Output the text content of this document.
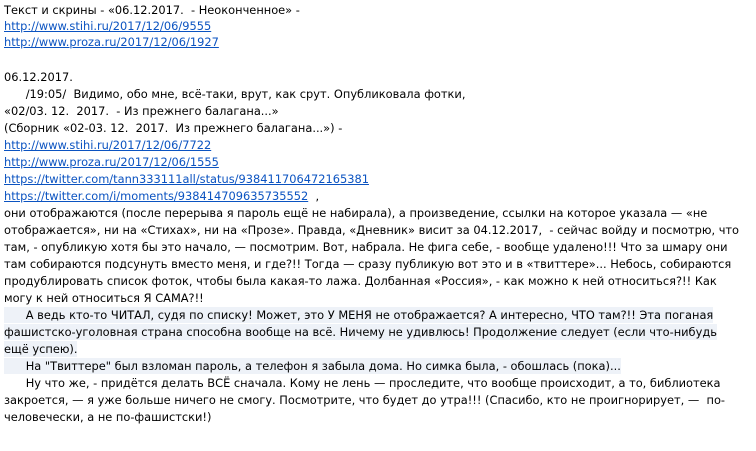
Текст и скрины - «06.12.2017.  - Неоконченное» -
http://www.stihi.ru/2017/12/06/9555
http://www.proza.ru/2017/12/06/1927
06.12.2017.
/19:05/  Видимо, обо мне, всё-таки, врут, как срут. Опубликовала фотки,
«02/03. 12.  2017.  - Из прежнего балагана...»
(Сборник «02-03. 12.  2017.  Из прежнего балагана...») -
http://www.stihi.ru/2017/12/06/7722
http://www.proza.ru/2017/12/06/1555
https://twitter.com/tann333111all/status/938411706472165381
https://twitter.com/i/moments/938414709635735552  ,
они отображаются (после перерыва я пароль ещё не набирала), а произведение, ссылки на которое указала — «не
отображается», ни на «Стихах», ни на «Прозе». Правда, «Дневник» висит за 04.12.2017,  - сейчас войду и посмотрю, что
там, - опубликую хотя бы это начало, — посмотрим. Вот, набрала. Не фига себе, - вообще удалено!!! Что за шмару они
там собираются подсунуть вместо меня, и где?!! Тогда — сразу публикую вот это и в «твиттере»... Небось, собираются
продублировать список фоток, чтобы была какая-то лажа. Долбанная «Россия», - как можно к ней относиться?!! Как
могу к ней относиться Я САМА?!!
А ведь кто-то ЧИТАЛ, судя по списку! Может, это У МЕНЯ не отображается? А интересно, ЧТО там?!! Эта поганая
фашистско-уголовная страна способна вообще на всё. Ничему не удивлюсь! Продолжение следует (если что-нибудь
ещё успею).
На "Твиттере" был взломан пароль, а телефон я забыла дома. Но симка была, - обошлась (пока)...
Ну что же, - придётся делать ВСЁ сначала. Кому не лень — проследите, что вообще происходит, а то, библиотека
закроется, — я уже больше ничего не смогу. Посмотрите, что будет до утра!!! (Спасибо, кто не проигнорирует, —  по-
человечески, а не по-фашистски!)
